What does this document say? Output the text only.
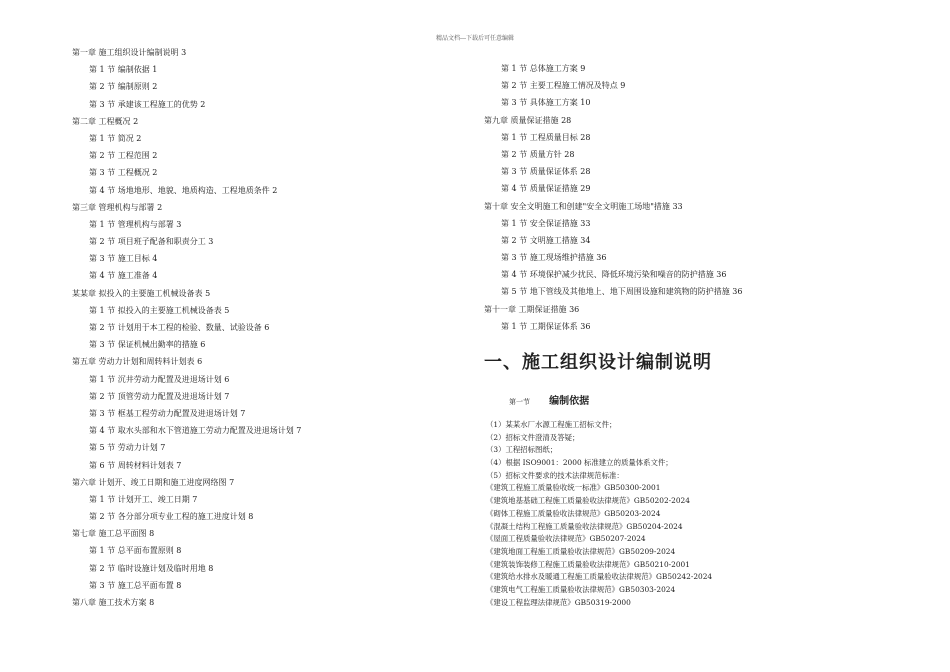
精品文档---下载后可任意编辑
第一章 施工组织设计编制说明 3
第 1 节 编制依据 1
第 2 节 编制原则 2
第 3 节 承建该工程施工的优势 2
第二章 工程概况 2
第 1 节 简况 2
第 2 节 工程范围 2
第 3 节 工程概况 2
第 4 节 场地地形、地貌、地质构造、工程地质条件 2
第三章 管理机构与部署 2
第 1 节 管理机构与部署 3
第 2 节 项目班子配备和职责分工 3
第 3 节 施工目标 4
第 4 节 施工准备 4
某某章 拟投入的主要施工机械设备表 5
第 1 节 拟投入的主要施工机械设备表 5
第 2 节 计划用于本工程的检验、数量、试验设备 6
第 3 节 保证机械出勤率的措施 6
第五章 劳动力计划和周转料计划表 6
第 1 节 沉井劳动力配置及进退场计划 6
第 2 节 顶管劳动力配置及进退场计划 7
第 3 节 框基工程劳动力配置及进退场计划 7
第 4 节 取水头部和水下管道施工劳动力配置及进退场计划 7
第 5 节 劳动力计划 7
第 6 节 周转材料计划表 7
第六章 计划开、竣工日期和施工进度网络图 7
第 1 节 计划开工、竣工日期 7
第 2 节 各分部分项专业工程的施工进度计划 8
第七章 施工总平面图 8
第 1 节 总平面布置原则 8
第 2 节 临时设施计划及临时用地 8
第 3 节 施工总平面布置 8
第八章 施工技术方案 8
第 1 节 总体施工方案 9
第 2 节 主要工程施工情况及特点 9
第 3 节 具体施工方案 10
第九章 质量保证措施 28
第 1 节 工程质量目标 28
第 2 节 质量方针 28
第 3 节 质量保证体系 28
第 4 节 质量保证措施 29
第十章 安全文明施工和创建"安全文明施工场地"措施 33
第 1 节 安全保证措施 33
第 2 节 文明施工措施 34
第 3 节 施工现场维护措施 36
第 4 节 环境保护减少扰民、降低环境污染和噪音的防护措施 36
第 5 节 地下管线及其他地上、地下周围设施和建筑物的防护措施 36
第十一章 工期保证措施 36
第 1 节 工期保证体系 36
一、施工组织设计编制说明
第一节 编制依据
（1）某某水厂水源工程施工招标文件；
（2）招标文件澄清及答疑；
（3）工程招标图纸；
（4）根据 ISO9001：2000 标准建立的质量体系文件；
（5）招标文件要求的技术法律规范标准：
《建筑工程施工质量验收统一标准》GB50300-2001
《建筑地基基础工程施工质量验收法律规范》GB50202-2024
《砌体工程施工质量验收法律规范》GB50203-2024
《混凝土结构工程施工质量验收法律规范》GB50204-2024
《屋面工程质量验收法律规范》GB50207-2024
《建筑地面工程施工质量验收法律规范》GB50209-2024
《建筑装饰装修工程施工质量验收法律规范》GB50210-2001
《建筑给水排水及暖通工程施工质量验收法律规范》GB50242-2024
《建筑电气工程施工质量验收法律规范》GB50303-2024
《建设工程监理法律规范》GB50319-2000
